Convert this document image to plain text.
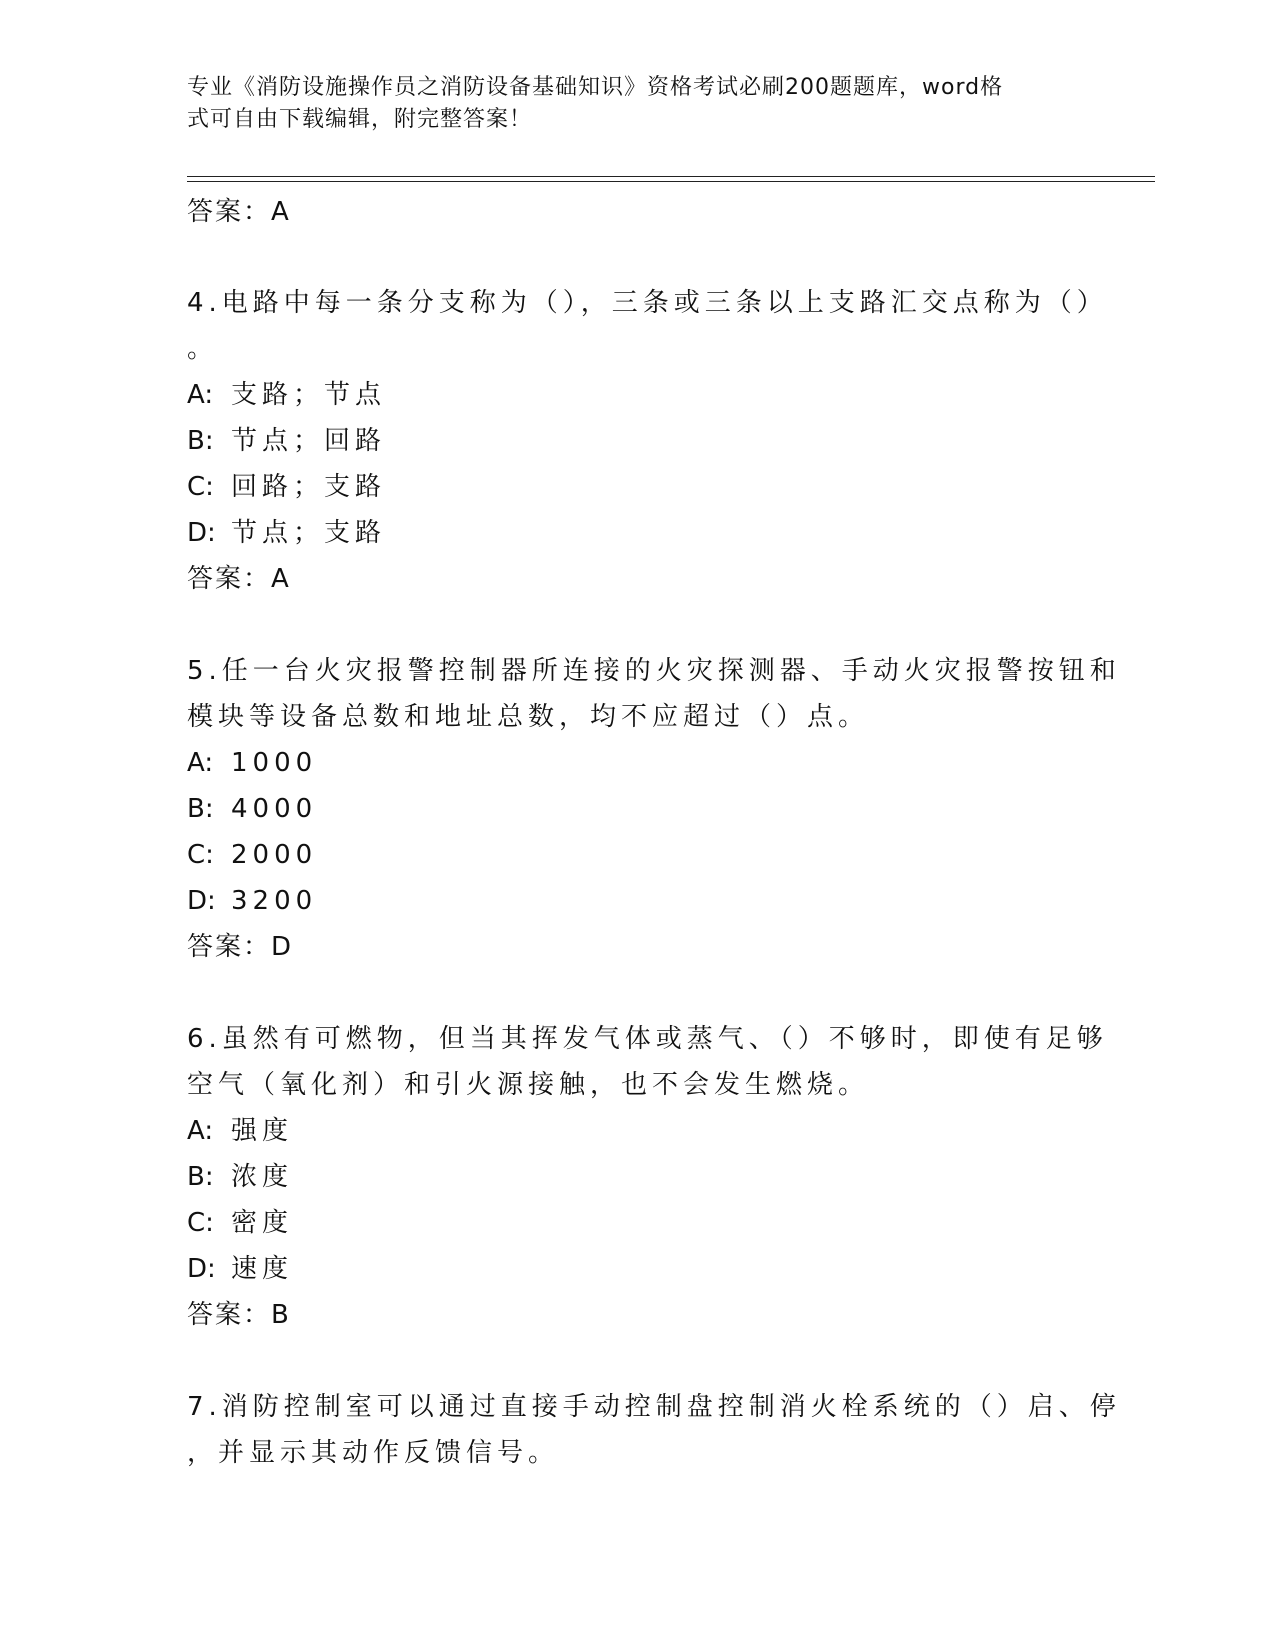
专业《消防设施操作员之消防设备基础知识》资格考试必刷200题题库，word格
式可自由下载编辑，附完整答案！
答案：A
4.电路中每一条分支称为（），三条或三条以上支路汇交点称为（）
。
A: 支路；节点
B: 节点；回路
C: 回路；支路
D: 节点；支路
答案：A
5.任一台火灾报警控制器所连接的火灾探测器、手动火灾报警按钮和
模块等设备总数和地址总数，均不应超过（）点。
A: 1000
B: 4000
C: 2000
D: 3200
答案：D
6.虽然有可燃物，但当其挥发气体或蒸气、（）不够时，即使有足够
空气（氧化剂）和引火源接触，也不会发生燃烧。
A: 强度
B: 浓度
C: 密度
D: 速度
答案：B
7.消防控制室可以通过直接手动控制盘控制消火栓系统的（）启、停
，并显示其动作反馈信号。
